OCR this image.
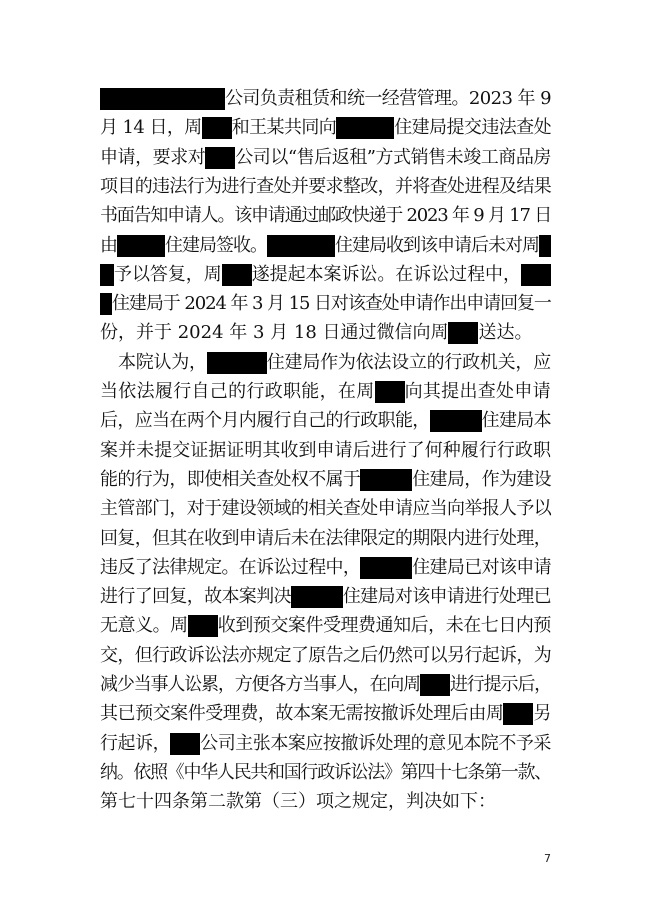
公司负责租赁和统一经营管理。2023 年 9
月 14 日，周 和王某共同向	住建局提交违法查处
申请，要求对 公司以“售后返租”方式销售未竣工商品房
项目的违法行为进行查处并要求整改，并将查处进程及结果
书面告知申请人。该申请通过邮政快递于 2023 年 9 月 17 日
由	住建局签收。	住建局收到该申请后未对周
予以答复，周 遂提起本案诉讼。在诉讼过程中，
住建局于 2024 年 3 月 15 日对该查处申请作出申请回复一
份，并于 2024 年 3 月 18 日通过微信向周 送达。
本院认为，	住建局作为依法设立的行政机关，应
当依法履行自己的行政职能，在周 向其提出查处申请
后，应当在两个月内履行自己的行政职能，	住建局本
案并未提交证据证明其收到申请后进行了何种履行行政职
能的行为，即使相关查处权不属于	住建局，作为建设
主管部门，对于建设领域的相关查处申请应当向举报人予以
回复，但其在收到申请后未在法律限定的期限内进行处理，
违反了法律规定。在诉讼过程中，	住建局已对该申请
进行了回复，故本案判决	住建局对该申请进行处理已
无意义。周 收到预交案件受理费通知后，未在七日内预
交，但行政诉讼法亦规定了原告之后仍然可以另行起诉，为
减少当事人讼累，方便各方当事人，在向周 进行提示后，
其已预交案件受理费，故本案无需按撤诉处理后由周 另
行起诉， 公司主张本案应按撤诉处理的意见本院不予采
纳。依照《中华人民共和国行政诉讼法》第四十七条第一款、
第七十四条第二款第（三）项之规定，判决如下：
7
